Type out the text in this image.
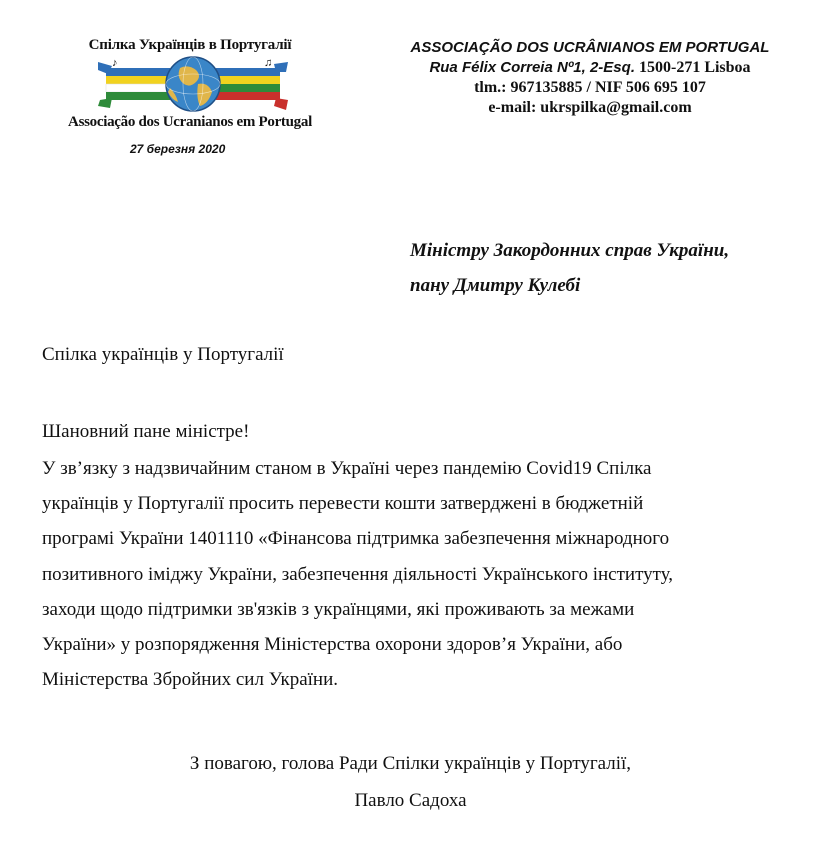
Спілка Українців в Португалії
♪	♫
Associação dos Ucranianos em Portugal
27 березня 2020
ASSOCIAÇÃO DOS UCRÂNIANOS EM PORTUGAL
Rua Félix Correia Nº1, 2-Esq. 1500-271 Lisboa
tlm.: 967135885 / NIF 506 695 107
e-mail: ukrspilka@gmail.com
Міністру Закордонних справ України,
пану Дмитру Кулебі
Спілка українців у Португалії
Шановний пане міністре!
У зв’язку з надзвичайним станом в Україні через пандемію Covid19 Спілка
українців у Португалії просить перевести кошти затверджені в бюджетній
програмі України 1401110 «Фінансова підтримка забезпечення міжнародного
позитивного іміджу України, забезпечення діяльності Українського інституту,
заходи щодо підтримки зв'язків з українцями, які проживають за межами
України» у розпорядження Міністерства охорони здоров’я України, або
Міністерства Збройних сил України.
З повагою, голова Ради Спілки українців у Португалії,
Павло Садоха
